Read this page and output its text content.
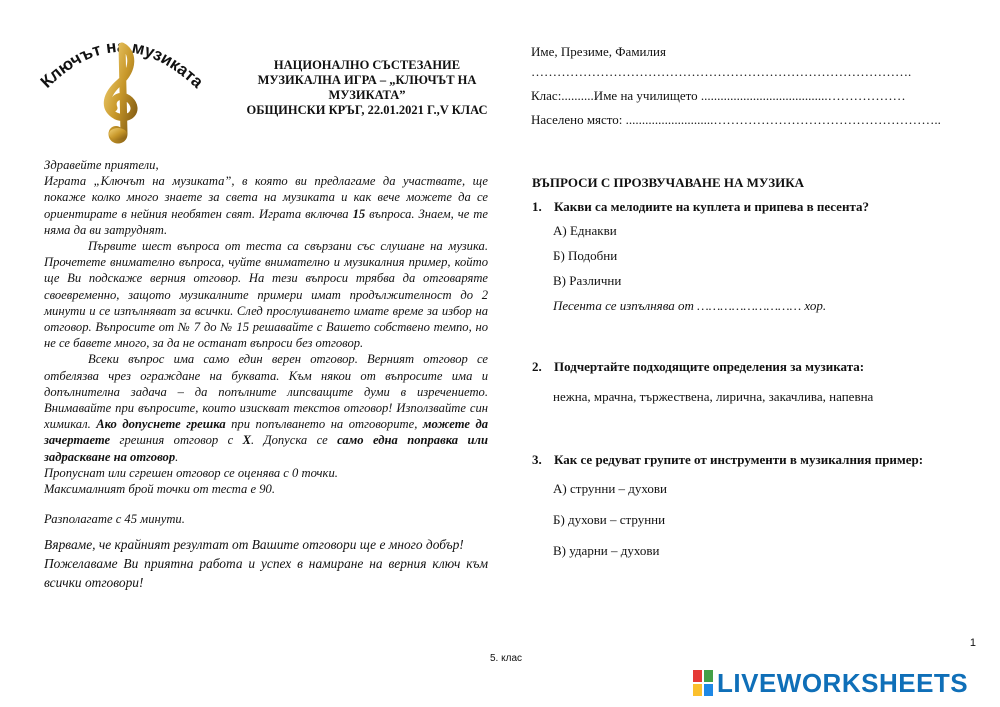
Ключът на музиката
НАЦИОНАЛНО СЪСТЕЗАНИЕ
МУЗИКАЛНА ИГРА – „КЛЮЧЪТ НА
МУЗИКАТА”
ОБЩИНСКИ КРЪГ, 22.01.2021 Г.,V КЛАС
Име, Презиме, Фамилия
…………………………………………………………………………….
Клас:..........Име на училището .......................................………………
Населено място: ...........................……………………………………………..

Здравейте приятели,

Играта „Ключът на музиката”, в която ви предлагаме да участвате, ще покаже колко много знаете за света на музиката и как вече можете да се ориентирате в нейния необятен свят. Играта включва 15 въпроса. Знаем, че те няма да ви затруднят.

Първите шест въпроса от теста са свързани със слушане на музика. Прочетете внимателно въпроса, чуйте внимателно и музикалния пример, който ще Ви подскаже верния отговор. На тези въпроси трябва да отговаряте своевременно, защото музикалните примери имат продължителност до 2 минути и се изпълняват за всички. След прослушването имате време за избор на отговор. Въпросите от № 7 до № 15 решавайте с Вашето собствено темпо, но не се бавете много, за да не останат въпроси без отговор.

Всеки въпрос има само един верен отговор. Верният отговор се отбелязва чрез ограждане на буквата. Към някои от въпросите има и допълнителна задача – да попълните липсващите думи в изречението. Внимавайте при въпросите, които изискват текстов отговор! Използвайте син химикал. Ако допуснете грешка при попълването на отговорите, можете да зачертаете грешния отговор с Х. Допуска се само една поправка или задраскване на отговор.

Пропуснат или сгрешен отговор се оценява с 0 точки.

Максималният брой точки от теста е 90.

Разполагате с 45 минути.

Вярваме, че крайният резултат от Вашите отговори ще е много добър!

Пожелаваме Ви приятна работа и успех в намиране на верния ключ към всички отговори!

ВЪПРОСИ С ПРОЗВУЧАВАНЕ НА МУЗИКА
1. Какви са мелодиите на куплета и припева в песента?
А) Еднакви
Б) Подобни
В) Различни
Песента се изпълнява от ……………………… хор.
2. Подчертайте подходящите определения за музиката:
нежна, мрачна, тържествена, лирична, закачлива, напевна
3. Как се редуват групите от инструменти в музикалния пример:
А) струнни – духови
Б) духови – струнни
В) ударни – духови
1
5. клас
LIVEWORKSHEETS
